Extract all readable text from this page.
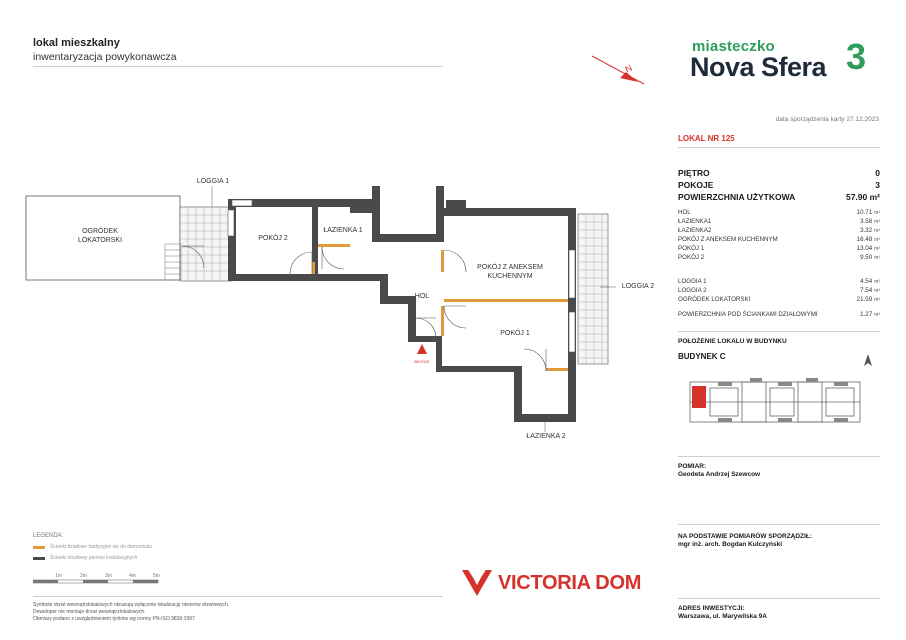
lokal mieszkalny
inwentaryzacja powykonawcza
N
miasteczko
Nova Sfera 3
data sporządzenia karty 27.12.2023
LOKAL NR 125
PIĘTRO	0
POKOJE	3
POWIERZCHNIA UŻYTKOWA	57.90 m²
HOL	10.71 m²
ŁAZIENKA1	3.58 m²
ŁAZIENKA2	3.32 m²
POKÓJ Z ANEKSEM KUCHENNYM	16.48 m²
POKÓJ 1	13.04 m²
POKÓJ 2	9.50 m²
LOGGIA 1	4.54 m²
LOGGIA 2	7.54 m²
OGRÓDEK LOKATORSKI	21.59 m²
POWIERZCHNIA POD ŚCIANKAMI DZIAŁOWYMI	1.27 m²
POŁOŻENIE LOKALU W BUDYNKU
BUDYNEK C
POMIAR:
Geodeta Andrzej Szewcow
NA PODSTAWIE POMIARÓW SPORZĄDZIŁ:
mgr inż. arch. Bogdan Kulczyński
ADRES INWESTYCJI:
Warszawa, ul. Marywilska 9A
WEJŚCIE
LOGGIA 1
OGRÓDEK
LOKATORSKI	POKÓJ 2
ŁAZIENKA 1
POKÓJ Z ANEKSEM
KUCHENNYM
HOL
POKÓJ 1
LOGGIA 2
ŁAZIENKA 2
LEGENDA:
Ścianki działowe tradycyjne się do demontażu
Ścianki obudowy pionów instalacyjnych
1m	2m	3m	4m	5m
Symbole drzwi wewnątrzlokalowych obrazują wyłącznie lokalizację otworów drzwiowych.
Deweloper nie montuje drzwi wewnątrzlokalowych.
Obmiary podano z uwzględnieniem tynków wg normy PN-ISO 9836:1997
VICTORIA DOM
